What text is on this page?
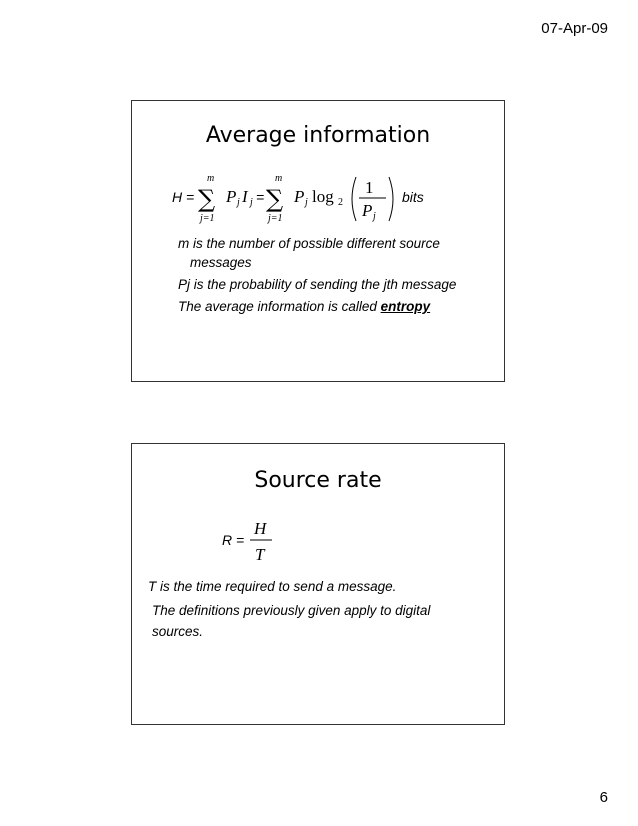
07-Apr-09
Average information
H = ∑
m
j=1
P j I j = ∑
m
j=1
P j log 2
1
P j
bits
m is the number of possible different source
messages
Pj is the probability of sending the jth message
The average information is called entropy
Source rate
R =
H
T
T is the time required to send a message.
The definitions previously given apply to digital
sources.
6
